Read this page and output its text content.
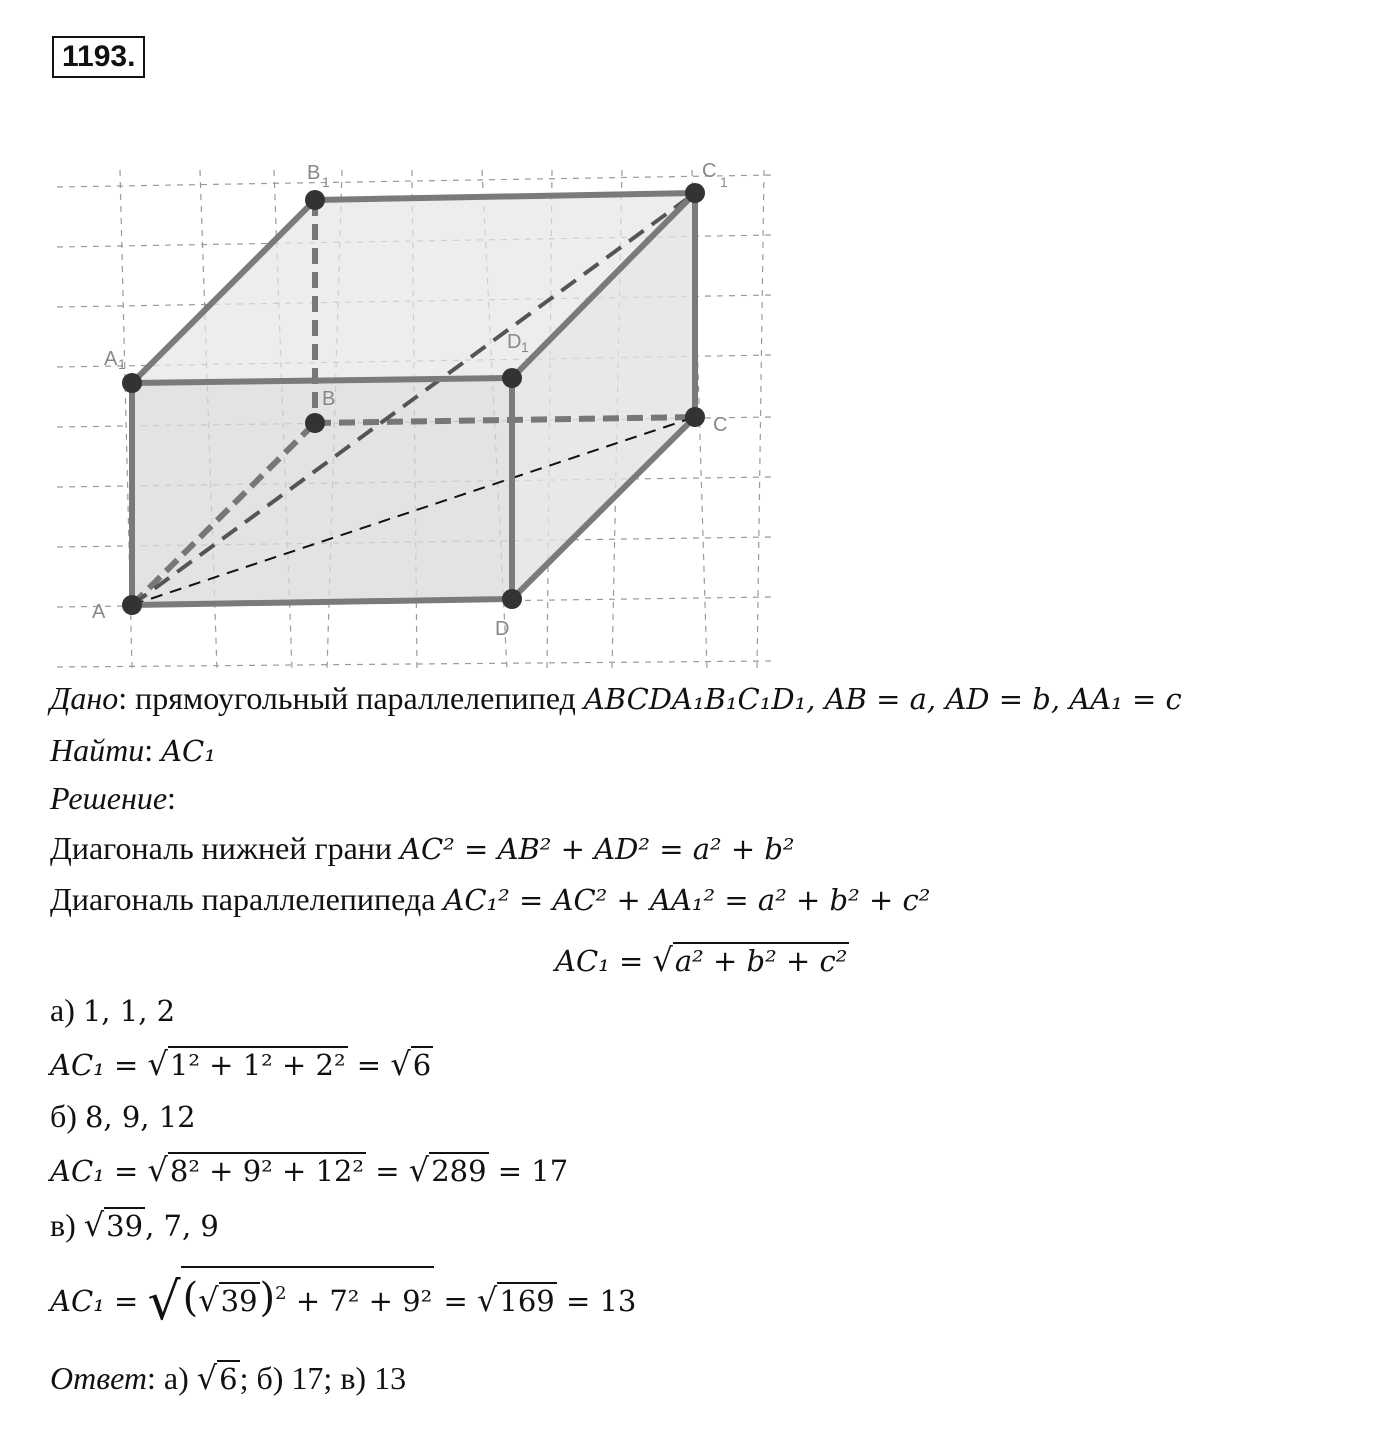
1193.
A
D
C
B
A 1
D 1
B 1	C 1
Дано: прямоугольный параллелепипед ABCDA₁B₁C₁D₁, AB = a, AD = b, AA₁ = c
Найти: AC₁
Решение:
Диагональ нижней грани AC² = AB² + AD² = a² + b²
Диагональ параллелепипеда AC₁² = AC² + AA₁² = a² + b² + c²
AC₁ = √a² + b² + c²
а) 1, 1, 2
AC₁ = √1² + 1² + 2² = √6
б) 8, 9, 12
AC₁ = √8² + 9² + 12² = √289 = 17
в) √39, 7, 9
$AC_1 = √(√39)^2 + 7^2 + 9^2 = √169 = 13$
Ответ: а) √6; б) 17; в) 13
